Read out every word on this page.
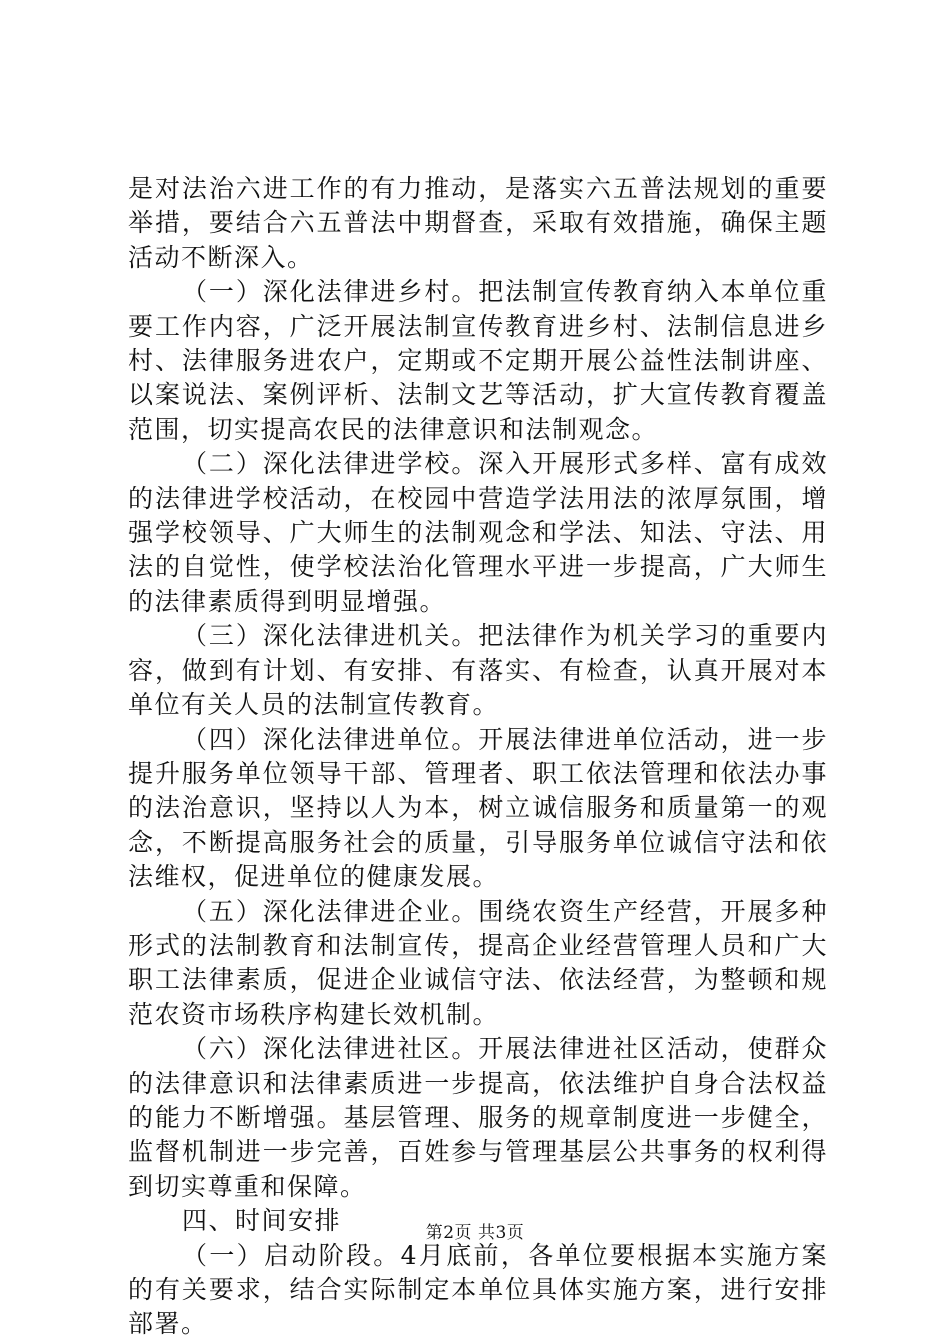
是对法治六进工作的有力推动，是落实六五普法规划的重要举措，要结合六五普法中期督查，采取有效措施，确保主题活动不断深入。

（一）深化法律进乡村。把法制宣传教育纳入本单位重要工作内容，广泛开展法制宣传教育进乡村、法制信息进乡村、法律服务进农户，定期或不定期开展公益性法制讲座、以案说法、案例评析、法制文艺等活动，扩大宣传教育覆盖范围，切实提高农民的法律意识和法制观念。

（二）深化法律进学校。深入开展形式多样、富有成效的法律进学校活动，在校园中营造学法用法的浓厚氛围，增强学校领导、广大师生的法制观念和学法、知法、守法、用法的自觉性，使学校法治化管理水平进一步提高，广大师生的法律素质得到明显增强。

（三）深化法律进机关。把法律作为机关学习的重要内容，做到有计划、有安排、有落实、有检查，认真开展对本单位有关人员的法制宣传教育。

（四）深化法律进单位。开展法律进单位活动，进一步提升服务单位领导干部、管理者、职工依法管理和依法办事的法治意识，坚持以人为本，树立诚信服务和质量第一的观念，不断提高服务社会的质量，引导服务单位诚信守法和依法维权，促进单位的健康发展。

（五）深化法律进企业。围绕农资生产经营，开展多种形式的法制教育和法制宣传，提高企业经营管理人员和广大职工法律素质，促进企业诚信守法、依法经营，为整顿和规范农资市场秩序构建长效机制。

（六）深化法律进社区。开展法律进社区活动，使群众的法律意识和法律素质进一步提高，依法维护自身合法权益的能力不断增强。基层管理、服务的规章制度进一步健全，监督机制进一步完善，百姓参与管理基层公共事务的权利得到切实尊重和保障。

四、时间安排

（一）启动阶段。4月底前，各单位要根据本实施方案的有关要求，结合实际制定本单位具体实施方案，进行安排部署。

第2页 共3页
